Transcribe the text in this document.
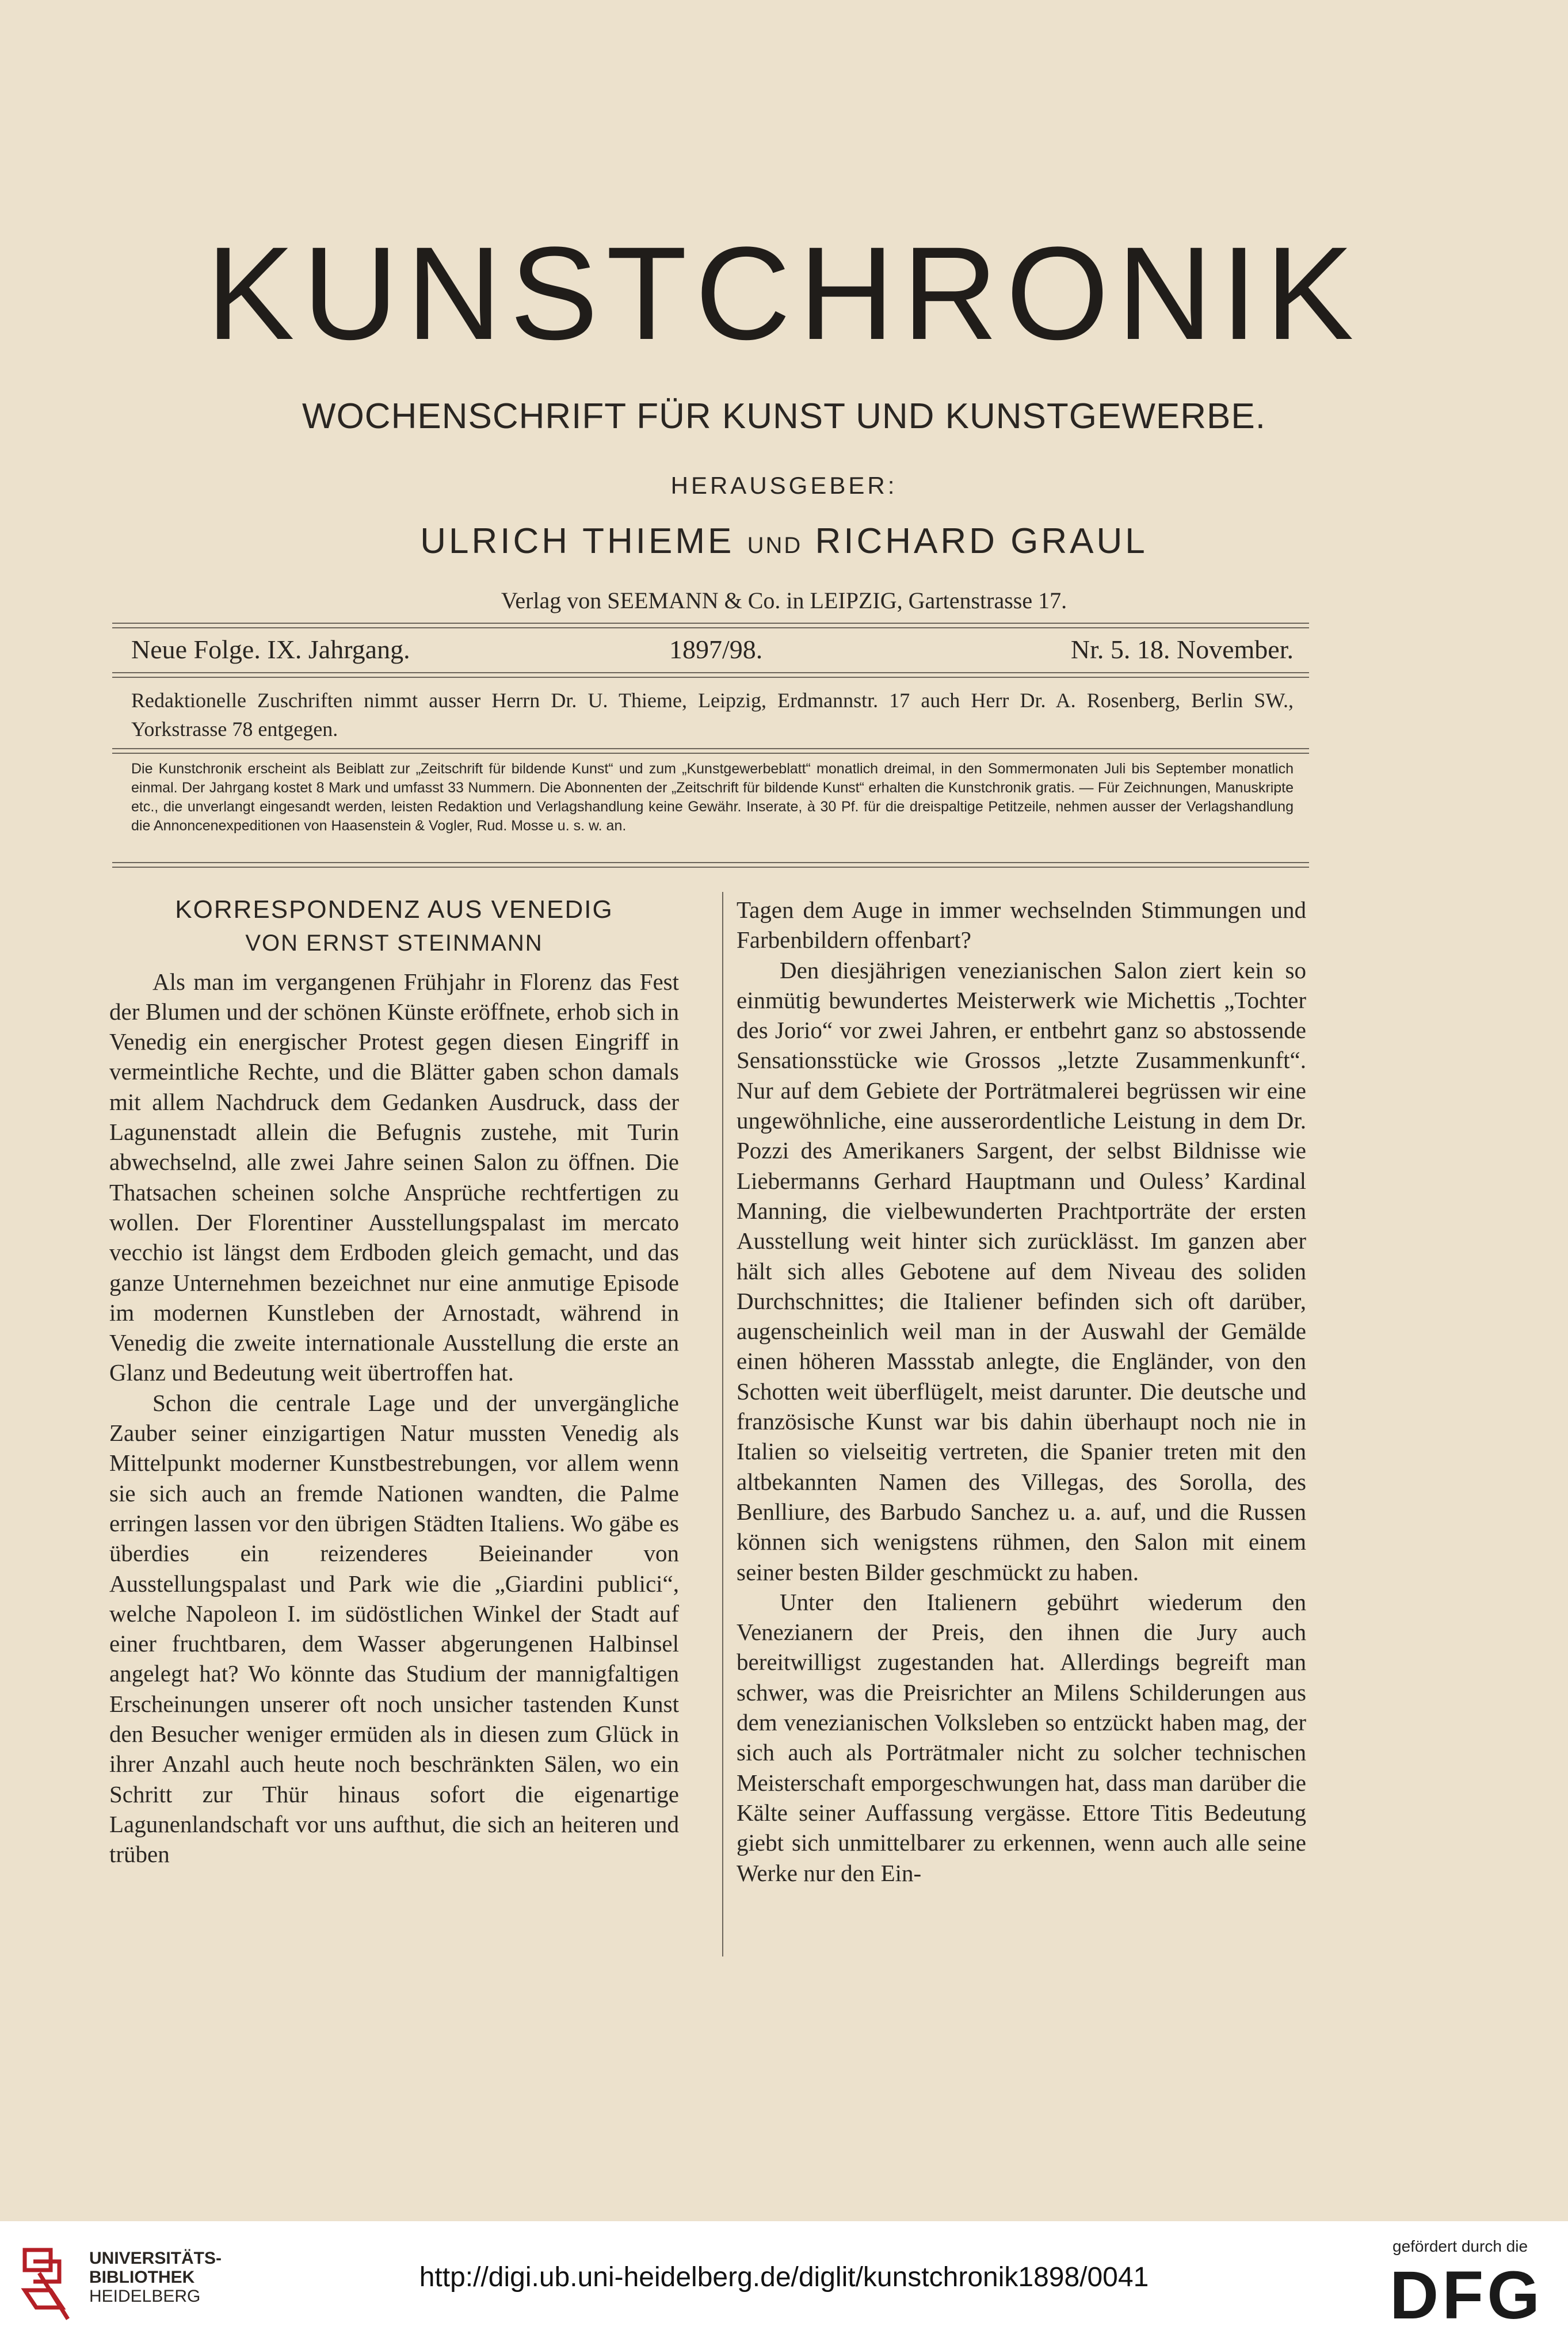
KUNSTCHRONIK
WOCHENSCHRIFT FÜR KUNST UND KUNSTGEWERBE.
HERAUSGEBER:
ULRICH THIEME UND RICHARD GRAUL
Verlag von SEEMANN & Co. in LEIPZIG, Gartenstrasse 17.
Neue Folge. IX. Jahrgang.	1897/98.	Nr. 5. 18. November.
Redaktionelle Zuschriften nimmt ausser Herrn Dr. U. Thieme, Leipzig, Erdmannstr. 17 auch Herr Dr. A. Rosenberg, Berlin SW., Yorkstrasse 78 entgegen.
Die Kunstchronik erscheint als Beiblatt zur „Zeitschrift für bildende Kunst“ und zum „Kunstgewerbeblatt“ monatlich dreimal, in den Sommermonaten Juli bis September monatlich einmal. Der Jahrgang kostet 8 Mark und umfasst 33 Nummern. Die Abonnenten der „Zeitschrift für bildende Kunst“ erhalten die Kunstchronik gratis. — Für Zeichnungen, Manuskripte etc., die unverlangt eingesandt werden, leisten Redaktion und Verlagshandlung keine Gewähr. Inserate, à 30 Pf. für die dreispaltige Petitzeile, nehmen ausser der Verlagshandlung die Annoncenexpeditionen von Haasenstein & Vogler, Rud. Mosse u. s. w. an.
KORRESPONDENZ AUS VENEDIG
VON ERNST STEINMANN

Als man im vergangenen Frühjahr in Florenz das Fest der Blumen und der schönen Künste eröffnete, erhob sich in Venedig ein energischer Protest gegen diesen Eingriff in vermeintliche Rechte, und die Blätter gaben schon damals mit allem Nachdruck dem Gedanken Ausdruck, dass der Lagunenstadt allein die Befugnis zustehe, mit Turin abwechselnd, alle zwei Jahre seinen Salon zu öffnen. Die Thatsachen scheinen solche Ansprüche rechtfertigen zu wollen. Der Florentiner Ausstellungspalast im mercato vecchio ist längst dem Erdboden gleich gemacht, und das ganze Unternehmen bezeichnet nur eine anmutige Episode im modernen Kunstleben der Arnostadt, während in Venedig die zweite internationale Ausstellung die erste an Glanz und Bedeutung weit übertroffen hat.

Schon die centrale Lage und der unvergängliche Zauber seiner einzigartigen Natur mussten Venedig als Mittelpunkt moderner Kunstbestrebungen, vor allem wenn sie sich auch an fremde Nationen wandten, die Palme erringen lassen vor den übrigen Städten Italiens. Wo gäbe es überdies ein reizenderes Beieinander von Ausstellungspalast und Park wie die „Giardini publici“, welche Napoleon I. im südöstlichen Winkel der Stadt auf einer fruchtbaren, dem Wasser abgerungenen Halbinsel angelegt hat? Wo könnte das Studium der mannigfaltigen Erscheinungen unserer oft noch unsicher tastenden Kunst den Besucher weniger ermüden als in diesen zum Glück in ihrer Anzahl auch heute noch beschränkten Sälen, wo ein Schritt zur Thür hinaus sofort die eigenartige Lagunenlandschaft vor uns aufthut, die sich an heiteren und trüben

Tagen dem Auge in immer wechselnden Stimmungen und Farbenbildern offenbart?

Den diesjährigen venezianischen Salon ziert kein so einmütig bewundertes Meisterwerk wie Michettis „Tochter des Jorio“ vor zwei Jahren, er entbehrt ganz so abstossende Sensationsstücke wie Grossos „letzte Zusammenkunft“. Nur auf dem Gebiete der Porträtmalerei begrüssen wir eine ungewöhnliche, eine ausserordentliche Leistung in dem Dr. Pozzi des Amerikaners Sargent, der selbst Bildnisse wie Liebermanns Gerhard Hauptmann und Ouless’ Kardinal Manning, die vielbewunderten Prachtporträte der ersten Ausstellung weit hinter sich zurücklässt. Im ganzen aber hält sich alles Gebotene auf dem Niveau des soliden Durchschnittes; die Italiener befinden sich oft darüber, augenscheinlich weil man in der Auswahl der Gemälde einen höheren Massstab anlegte, die Engländer, von den Schotten weit überflügelt, meist darunter. Die deutsche und französische Kunst war bis dahin überhaupt noch nie in Italien so vielseitig vertreten, die Spanier treten mit den altbekannten Namen des Villegas, des Sorolla, des Benlliure, des Barbudo Sanchez u. a. auf, und die Russen können sich wenigstens rühmen, den Salon mit einem seiner besten Bilder geschmückt zu haben.

Unter den Italienern gebührt wiederum den Venezianern der Preis, den ihnen die Jury auch bereitwilligst zugestanden hat. Allerdings begreift man schwer, was die Preisrichter an Milens Schilderungen aus dem venezianischen Volksleben so entzückt haben mag, der sich auch als Porträtmaler nicht zu solcher technischen Meisterschaft emporgeschwungen hat, dass man darüber die Kälte seiner Auffassung vergässe. Ettore Titis Bedeutung giebt sich unmittelbarer zu erkennen, wenn auch alle seine Werke nur den Ein-

UNIVERSITÄTS-
BIBLIOTHEK
HEIDELBERG
http://digi.ub.uni-heidelberg.de/diglit/kunstchronik1898/0041
gefördert durch die
DFG
